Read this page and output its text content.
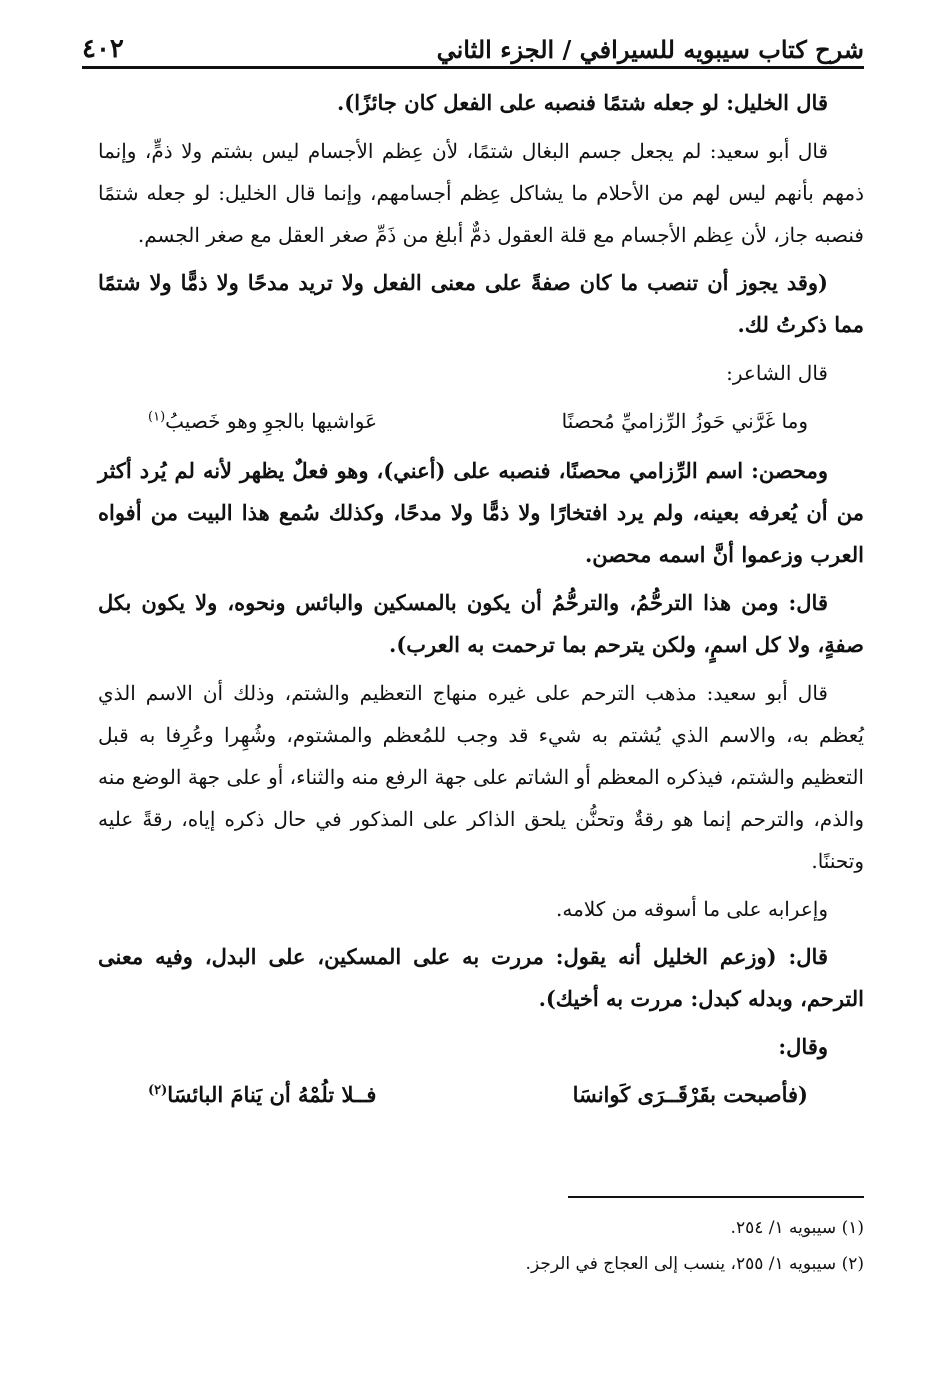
شرح كتاب سيبويه للسيرافي / الجزء الثاني
٤٠٢

قال الخليل: لو جعله شتمًا فنصبه على الفعل كان جائزًا).

قال أبو سعيد: لم يجعل جسم البغال شتمًا، لأن عِظم الأجسام ليس بشتم ولا ذمٍّ، وإنما ذمهم بأنهم ليس لهم من الأحلام ما يشاكل عِظم أجسامهم، وإنما قال الخليل: لو جعله شتمًا فنصبه جاز، لأن عِظم الأجسام مع قلة العقول ذمٌّ أبلغ من ذَمِّ صغر العقل مع صغر الجسم.

(وقد يجوز أن تنصب ما كان صفةً على معنى الفعل ولا تريد مدحًا ولا ذمًّا ولا شتمًا مما ذكرتُ لك.

قال الشاعر:

وما غَرَّني حَوزُ الرِّزاميِّ مُحصنًا
عَواشيها بالجوِ وهو خَصيبُ$^{(١)}$

ومحصن: اسم الرِّزامي محصنًا، فنصبه على (أعني)، وهو فعلٌ يظهر لأنه لم يُرد أكثر من أن يُعرفه بعينه، ولم يرد افتخارًا ولا ذمًّا ولا مدحًا، وكذلك سُمع هذا البيت من أفواه العرب وزعموا أنَّ اسمه محصن.

قال: ومن هذا الترحُّمُ، والترحُّمُ أن يكون بالمسكين والبائس ونحوه، ولا يكون بكل صفةٍ، ولا كل اسمٍ، ولكن يترحم بما ترحمت به العرب).

قال أبو سعيد: مذهب الترحم على غيره منهاج التعظيم والشتم، وذلك أن الاسم الذي يُعظم به، والاسم الذي يُشتم به شيء قد وجب للمُعظم والمشتوم، وشُهِرا وعُرِفا به قبل التعظيم والشتم، فيذكره المعظم أو الشاتم على جهة الرفع منه والثناء، أو على جهة الوضع منه والذم، والترحم إنما هو رقةٌ وتحنُّن يلحق الذاكر على المذكور في حال ذكره إياه، رقةً عليه وتحننًا.

وإعرابه على ما أسوقه من كلامه.

قال: (وزعم الخليل أنه يقول: مررت به على المسكين، على البدل، وفيه معنى الترحم، وبدله كبدل: مررت به أخيك).

وقال:

(فأصبحت بقَرْقَــرَى كَوانسَا
فــلا تلُمْهُ أن يَنامَ البائسَا$^{(٢)}$
(١) سيبويه ١/ ٢٥٤.
(٢) سيبويه ١/ ٢٥٥، ينسب إلى العجاج في الرجز.
